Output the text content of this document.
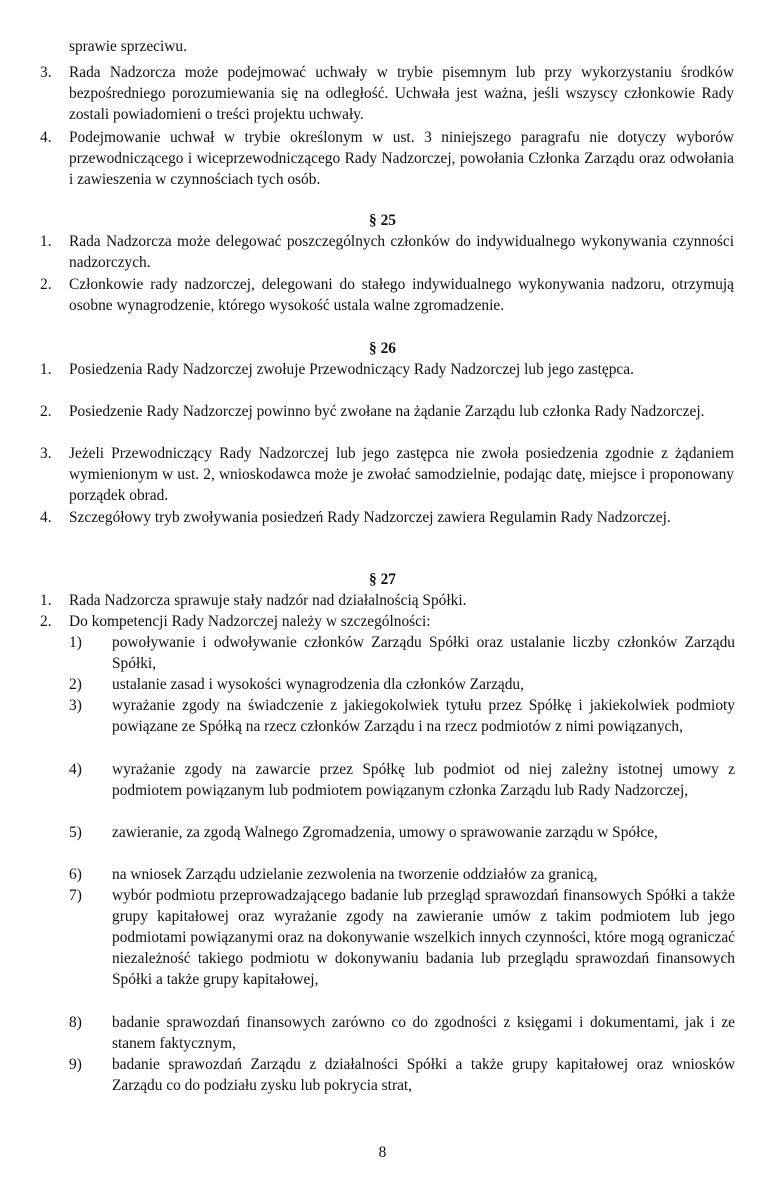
sprawie sprzeciwu.
3. Rada Nadzorcza może podejmować uchwały w trybie pisemnym lub przy wykorzystaniu środków bezpośredniego porozumiewania się na odległość. Uchwała jest ważna, jeśli wszyscy członkowie Rady zostali powiadomieni o treści projektu uchwały.
4. Podejmowanie uchwał w trybie określonym w ust. 3 niniejszego paragrafu nie dotyczy wyborów przewodniczącego i wiceprzewodniczącego Rady Nadzorczej, powołania Członka Zarządu oraz odwołania i zawieszenia w czynnościach tych osób.
§ 25
1. Rada Nadzorcza może delegować poszczególnych członków do indywidualnego wykonywania czynności nadzorczych.
2. Członkowie rady nadzorczej, delegowani do stałego indywidualnego wykonywania nadzoru, otrzymują osobne wynagrodzenie, którego wysokość ustala walne zgromadzenie.
§ 26
1. Posiedzenia Rady Nadzorczej zwołuje Przewodniczący Rady Nadzorczej lub jego zastępca.
2. Posiedzenie Rady Nadzorczej powinno być zwołane na żądanie Zarządu lub członka Rady Nadzorczej.
3. Jeżeli Przewodniczący Rady Nadzorczej lub jego zastępca nie zwoła posiedzenia zgodnie z żądaniem wymienionym w ust. 2, wnioskodawca może je zwołać samodzielnie, podając datę, miejsce i proponowany porządek obrad.
4. Szczegółowy tryb zwoływania posiedzeń Rady Nadzorczej zawiera Regulamin Rady Nadzorczej.
§ 27
1. Rada Nadzorcza sprawuje stały nadzór nad działalnością Spółki.
2. Do kompetencji Rady Nadzorczej należy w szczególności:
1) powoływanie i odwoływanie członków Zarządu Spółki oraz ustalanie liczby członków Zarządu Spółki,
2) ustalanie zasad i wysokości wynagrodzenia dla członków Zarządu,
3) wyrażanie zgody na świadczenie z jakiegokolwiek tytułu przez Spółkę i jakiekolwiek podmioty powiązane ze Spółką na rzecz członków Zarządu i na rzecz podmiotów z nimi powiązanych,
4) wyrażanie zgody na zawarcie przez Spółkę lub podmiot od niej zależny istotnej umowy z podmiotem powiązanym lub podmiotem powiązanym członka Zarządu lub Rady Nadzorczej,
5) zawieranie, za zgodą Walnego Zgromadzenia, umowy o sprawowanie zarządu w Spółce,
6) na wniosek Zarządu udzielanie zezwolenia na tworzenie oddziałów za granicą,
7) wybór podmiotu przeprowadzającego badanie lub przegląd sprawozdań finansowych Spółki a także grupy kapitałowej oraz wyrażanie zgody na zawieranie umów z takim podmiotem lub jego podmiotami powiązanymi oraz na dokonywanie wszelkich innych czynności, które mogą ograniczać niezależność takiego podmiotu w dokonywaniu badania lub przeglądu sprawozdań finansowych Spółki a także grupy kapitałowej,
8) badanie sprawozdań finansowych zarówno co do zgodności z księgami i dokumentami, jak i ze stanem faktycznym,
9) badanie sprawozdań Zarządu z działalności Spółki a także grupy kapitałowej oraz wniosków Zarządu co do podziału zysku lub pokrycia strat,
8
